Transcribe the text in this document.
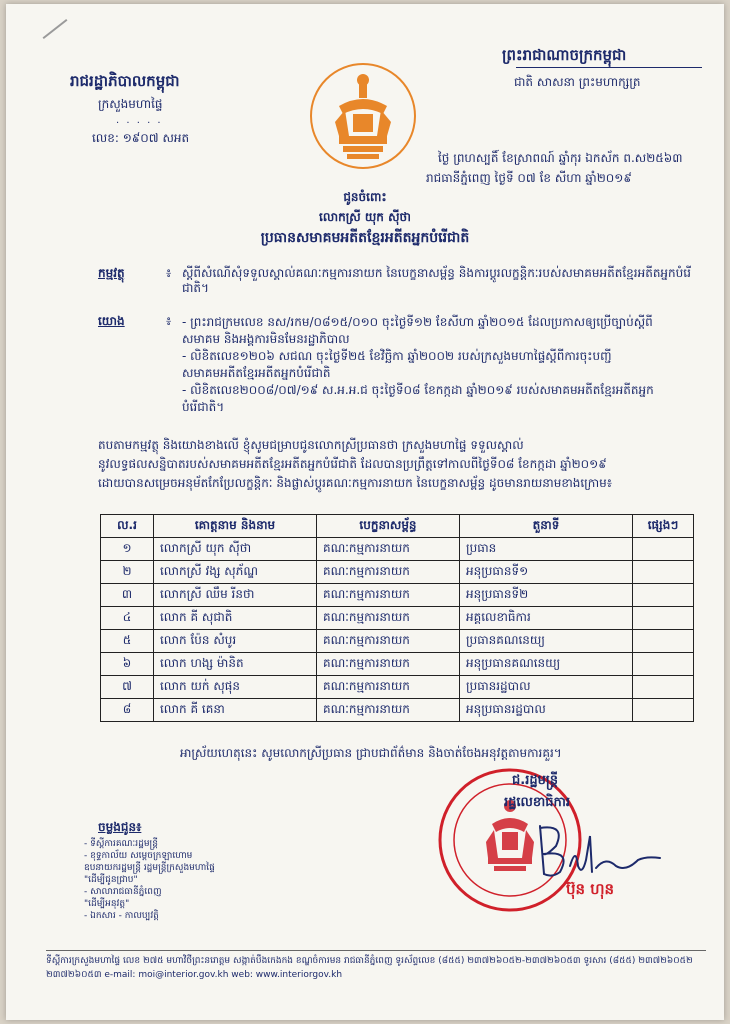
រាជរដ្ឋាភិបាលកម្ពុជា
ក្រសួងមហាផ្ទៃ
· · · · ·
លេខ: ១៩០៧ សអត
ព្រះរាជាណាចក្រកម្ពុជា
ជាតិ សាសនា ព្រះមហាក្សត្រ
ថ្ងៃ ព្រហស្បតិ៍ ខែស្រាពណ៍ ឆ្នាំកុរ ឯកស័ក ព.ស២៥៦៣
រាជធានីភ្នំពេញ ថ្ងៃទី ០៧ ខែ សីហា ឆ្នាំ២០១៩
ជូនចំពោះ
លោកស្រី យុក ស៊ីថា
ប្រធានសមាគមអតីតខ្មែរអតីតអ្នកបំរើជាតិ
កម្មវត្ថុ	៖ ស្តីពីសំណើសុំទទួលស្គាល់គណៈកម្មការនាយក នៃបេក្ខនាសម្ព័ន្ធ និងការប្តូរលក្ខន្តិកៈរបស់សមាគមអតីតខ្មែរអតីតអ្នកបំរើជាតិ។
យោង	៖ - ព្រះរាជក្រមលេខ នស/រកម/០៨១៥/០១០ ចុះថ្ងៃទី១២ ខែសីហា ឆ្នាំ២០១៥ ដែលប្រកាសឲ្យប្រើច្បាប់ស្តីពី
សមាគម និងអង្គការមិនមែនរដ្ឋាភិបាល
- លិខិតលេខ១២០៦ សជណ ចុះថ្ងៃទី២៥ ខែវិច្ឆិកា ឆ្នាំ២០០២ របស់ក្រសួងមហាផ្ទៃស្តីពីការចុះបញ្ជី
សមាគមអតីតខ្មែរអតីតអ្នកបំរើជាតិ
- លិខិតលេខ២០០៨/០៧/១៩ ស.អ.អ.ជ ចុះថ្ងៃទី០៨ ខែកក្កដា ឆ្នាំ២០១៩ របស់សមាគមអតីតខ្មែរអតីតអ្នក
បំរើជាតិ។
តបតាមកម្មវត្ថុ និងយោងខាងលើ ខ្ញុំសូមជម្រាបជូនលោកស្រីប្រធានថា ក្រសួងមហាផ្ទៃ ទទួលស្គាល់
នូវលទ្ធផលសន្និបាតរបស់សមាគមអតីតខ្មែរអតីតអ្នកបំរើជាតិ ដែលបានប្រព្រឹត្តទៅកាលពីថ្ងៃទី០៨ ខែកក្កដា ឆ្នាំ២០១៩
ដោយបានសម្រេចអនុម័តកែប្រែលក្ខន្តិកៈ និងផ្លាស់ប្តូរគណៈកម្មការនាយក នៃបេក្ខនាសម្ព័ន្ធ ដូចមានរាយនាមខាងក្រោម៖
ល.រ	គោត្តនាម និងនាម	បេក្ខនាសម្ព័ន្ធ	តួនាទី	ផ្សេងៗ
១	លោកស្រី យុក ស៊ីថា	គណៈកម្មការនាយក	ប្រធាន	
២	លោកស្រី វង្ស សុភ័ណ្ឌ	គណៈកម្មការនាយក	អនុប្រធានទី១	
៣	លោកស្រី ឈឹម រីនថា	គណៈកម្មការនាយក	អនុប្រធានទី២	
៤	លោក គី សុជាតិ	គណៈកម្មការនាយក	អគ្គលេខាធិការ	
៥	លោក ប៉ែន សំបូរ	គណៈកម្មការនាយក	ប្រធានគណនេយ្យ	
៦	លោក ហង្ស ម៉ានិត	គណៈកម្មការនាយក	អនុប្រធានគណនេយ្យ	
៧	លោក យក់ សុផុន	គណៈកម្មការនាយក	ប្រធានរដ្ឋបាល	
៨	លោក គី គេនា	គណៈកម្មការនាយក	អនុប្រធានរដ្ឋបាល	
អាស្រ័យហេតុនេះ សូមលោកស្រីប្រធាន ជ្រាបជាព័ត៌មាន និងចាត់ចែងអនុវត្តតាមការគួរ។
ជ.រដ្ឋមន្ត្រី
រដ្ឋលេខាធិការ
ប៊ុន ហុន
ចម្លងជូន៖
- ទីស្តីការគណៈរដ្ឋមន្ត្រី
- ខុទ្ទកាល័យ សម្តេចក្រឡាហោម
ឧបនាយករដ្ឋមន្ត្រី រដ្ឋមន្ត្រីក្រសួងមហាផ្ទៃ
"ដើម្បីជូនជ្រាប"
- សាលារាជធានីភ្នំពេញ
"ដើម្បីអនុវត្ត"
- ឯកសារ - កាលប្បវត្តិ
ទីស្តីការក្រសួងមហាផ្ទៃ លេខ ២៧៥ មហាវិថីព្រះនរោត្តម សង្កាត់បឹងកេងកង ខណ្ឌចំការមន រាជធានីភ្នំពេញ ទូរស័ព្ទលេខ (៨៥៥) ២៣៧២៦០៥២-២៣៧២៦០៥៣ ទូរសារ (៨៥៥) ២៣៧២៦០៥២ ២៣៧២៦០៥៣ e-mail: moi@interior.gov.kh web: www.interiorgov.kh
